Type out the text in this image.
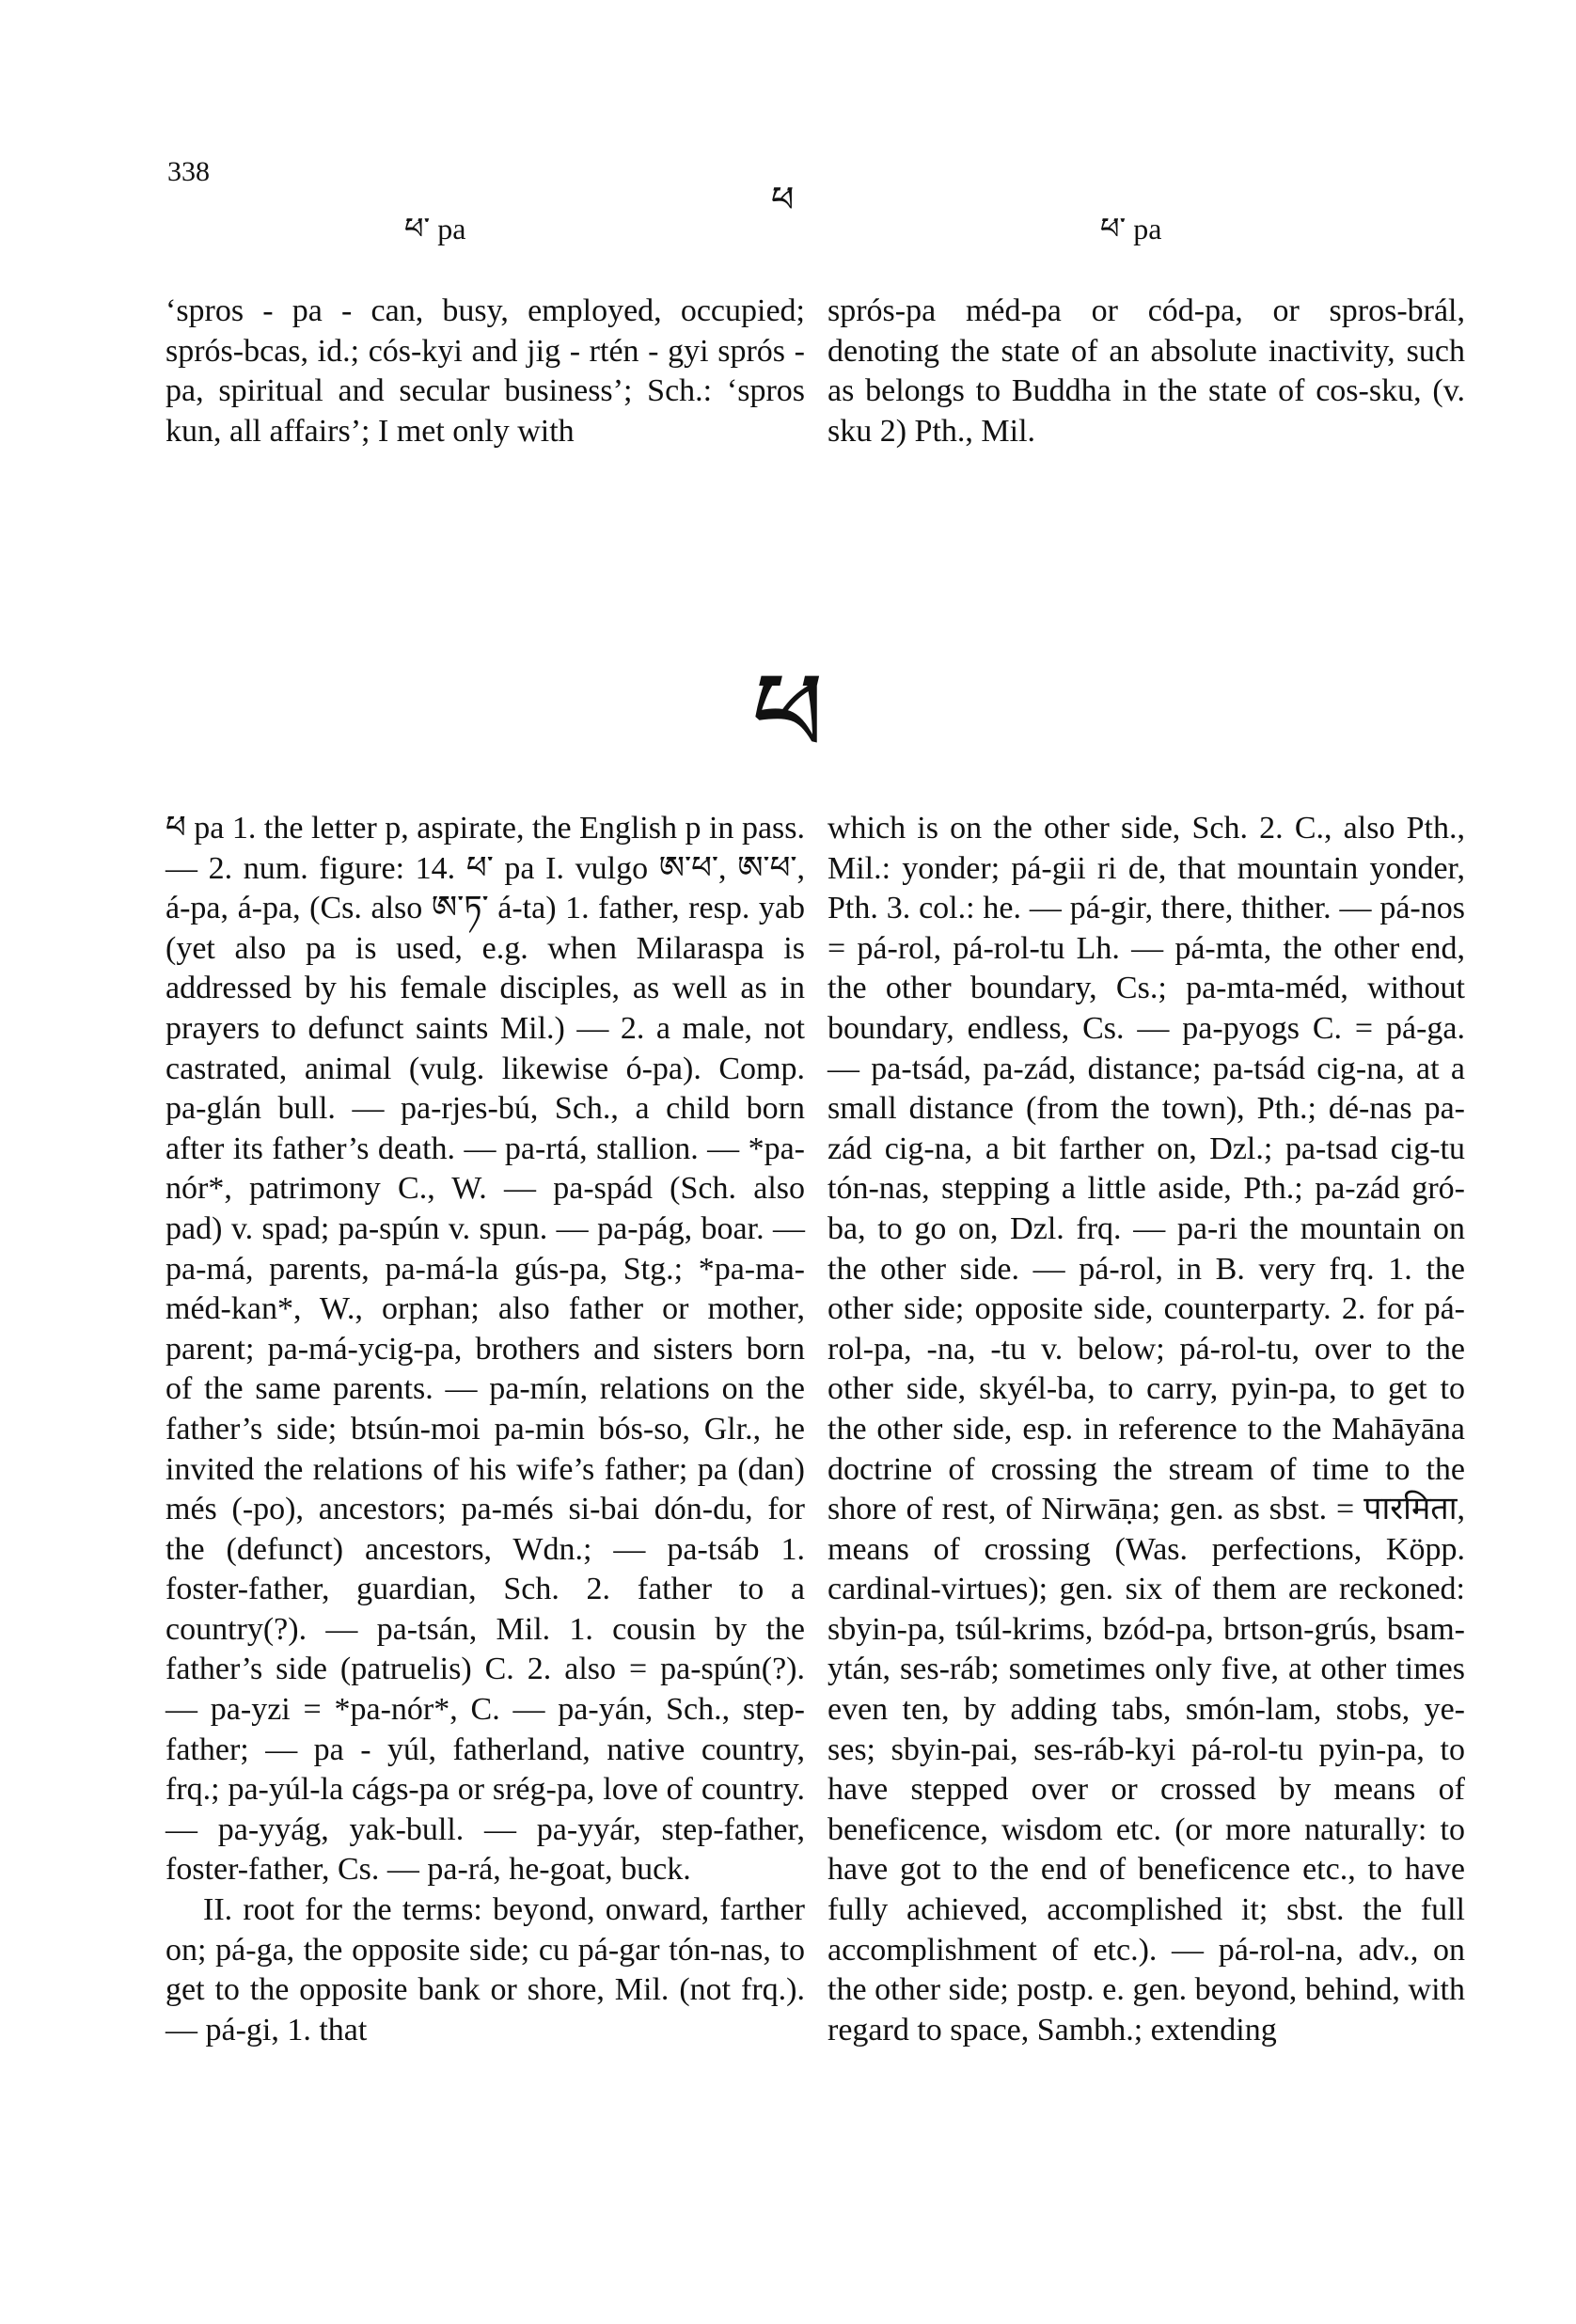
338
ཕ་ pa
ཕ
ཕ་ pa

‘spros - pa - can, busy, employed, occupied; sprós-bcas, id.; cós-kyi and jig - rtén - gyi sprós - pa, spiritual and secular business’; Sch.: ‘spros kun, all affairs’; I met only with

sprós-pa méd-pa or cód-pa, or spros-brál, denoting the state of an absolute inactivity, such as belongs to Buddha in the state of cos-sku, (v. sku 2) Pth., Mil.

ཕ

ཕ pa 1. the letter p, aspirate, the English p in pass. — 2. num. figure: 14. ཕ་ pa I. vulgo ཨ་ཕ་, ཨ་ཕ་, á-pa, á-pa, (Cs. also ཨ་ཏ་ á-ta) 1. father, resp. yab (yet also pa is used, e.g. when Milaraspa is addressed by his female disciples, as well as in prayers to defunct saints Mil.) — 2. a male, not castrated, animal (vulg. likewise ó-pa). Comp. pa-glán bull. — pa-rjes-bú, Sch., a child born after its father’s death. — pa-rtá, stallion. — *pa-nór*, patrimony C., W. — pa-spád (Sch. also pad) v. spad; pa-spún v. spun. — pa-pág, boar. — pa-má, parents, pa-má-la gús-pa, Stg.; *pa-ma-méd-kan*, W., orphan; also father or mother, parent; pa-má-ycig-pa, brothers and sisters born of the same parents. — pa-mín, relations on the father’s side; btsún-moi pa-min bós-so, Glr., he invited the relations of his wife’s father; pa (dan) més (-po), ancestors; pa-més si-bai dón-du, for the (defunct) ancestors, Wdn.; — pa-tsáb 1. foster-father, guardian, Sch. 2. father to a country(?). — pa-tsán, Mil. 1. cousin by the father’s side (patruelis) C. 2. also = pa-spún(?). — pa-yzi = *pa-nór*, C. — pa-yán, Sch., step-father; — pa - yúl, fatherland, native country, frq.; pa-yúl-la cágs-pa or srég-pa, love of country. — pa-yyág, yak-bull. — pa-yyár, step-father, foster-father, Cs. — pa-rá, he-goat, buck.

II. root for the terms: beyond, onward, farther on; pá-ga, the opposite side; cu pá-gar tón-nas, to get to the opposite bank or shore, Mil. (not frq.). — pá-gi, 1. that

which is on the other side, Sch. 2. C., also Pth., Mil.: yonder; pá-gii ri de, that mountain yonder, Pth. 3. col.: he. — pá-gir, there, thither. — pá-nos = pá-rol, pá-rol-tu Lh. — pá-mta, the other end, the other boundary, Cs.; pa-mta-méd, without boundary, endless, Cs. — pa-pyogs C. = pá-ga. — pa-tsád, pa-zád, distance; pa-tsád cig-na, at a small distance (from the town), Pth.; dé-nas pa-zád cig-na, a bit farther on, Dzl.; pa-tsad cig-tu tón-nas, stepping a little aside, Pth.; pa-zád gró-ba, to go on, Dzl. frq. — pa-ri the mountain on the other side. — pá-rol, in B. very frq. 1. the other side; opposite side, counterparty. 2. for pá-rol-pa, -na, -tu v. below; pá-rol-tu, over to the other side, skyél-ba, to carry, pyin-pa, to get to the other side, esp. in reference to the Mahāyāna doctrine of crossing the stream of time to the shore of rest, of Nirwāṇa; gen. as sbst. = पारमिता, means of crossing (Was. perfections, Köpp. cardinal-virtues); gen. six of them are reckoned: sbyin-pa, tsúl-krims, bzód-pa, brtson-grús, bsam-ytán, ses-ráb; sometimes only five, at other times even ten, by adding tabs, smón-lam, stobs, ye-ses; sbyin-pai, ses-ráb-kyi pá-rol-tu pyin-pa, to have stepped over or crossed by means of beneficence, wisdom etc. (or more naturally: to have got to the end of beneficence etc., to have fully achieved, accomplished it; sbst. the full accomplishment of etc.). — pá-rol-na, adv., on the other side; postp. e. gen. beyond, behind, with regard to space, Sambh.; extending
